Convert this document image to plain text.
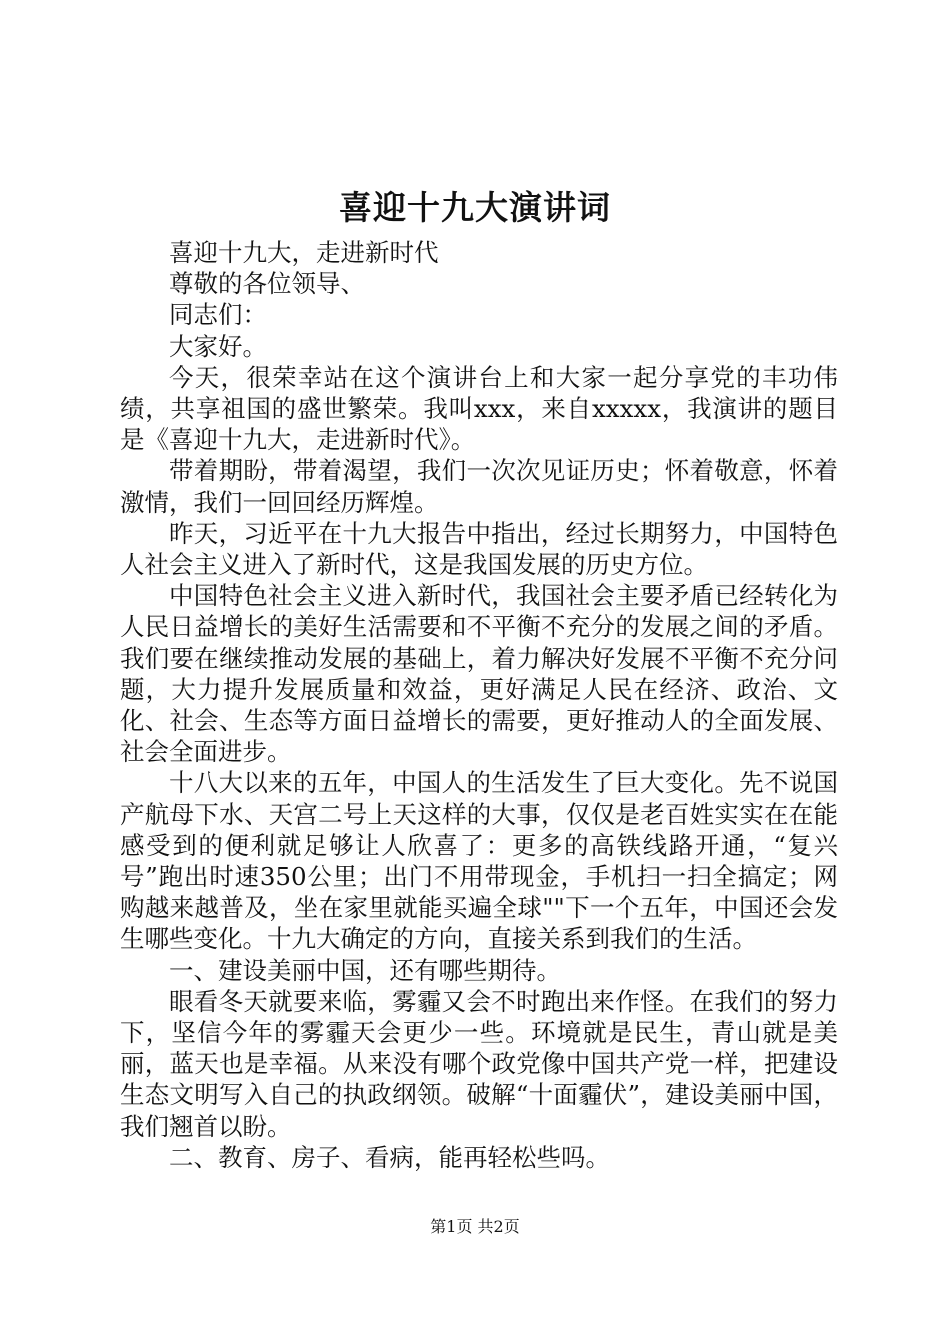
喜迎十九大演讲词

喜迎十九大，走进新时代

尊敬的各位领导、

同志们：

大家好。

今天，很荣幸站在这个演讲台上和大家一起分享党的丰功伟绩，共享祖国的盛世繁荣。我叫xxx，来自xxxxx，我演讲的题目是《喜迎十九大，走进新时代》。

带着期盼，带着渴望，我们一次次见证历史；怀着敬意，怀着激情，我们一回回经历辉煌。

昨天，习近平在十九大报告中指出，经过长期努力，中国特色人社会主义进入了新时代，这是我国发展的历史方位。

中国特色社会主义进入新时代，我国社会主要矛盾已经转化为人民日益增长的美好生活需要和不平衡不充分的发展之间的矛盾。我们要在继续推动发展的基础上，着力解决好发展不平衡不充分问题，大力提升发展质量和效益，更好满足人民在经济、政治、文化、社会、生态等方面日益增长的需要，更好推动人的全面发展、社会全面进步。

十八大以来的五年，中国人的生活发生了巨大变化。先不说国产航母下水、天宫二号上天这样的大事，仅仅是老百姓实实在在能感受到的便利就足够让人欣喜了：更多的高铁线路开通，“复兴号”跑出时速350公里；出门不用带现金，手机扫一扫全搞定；网购越来越普及，坐在家里就能买遍全球""下一个五年，中国还会发生哪些变化。十九大确定的方向，直接关系到我们的生活。

一、建设美丽中国，还有哪些期待。

眼看冬天就要来临，雾霾又会不时跑出来作怪。在我们的努力下，坚信今年的雾霾天会更少一些。环境就是民生，青山就是美丽，蓝天也是幸福。从来没有哪个政党像中国共产党一样，把建设生态文明写入自己的执政纲领。破解“十面霾伏”，建设美丽中国，我们翘首以盼。

二、教育、房子、看病，能再轻松些吗。

第1页 共2页
